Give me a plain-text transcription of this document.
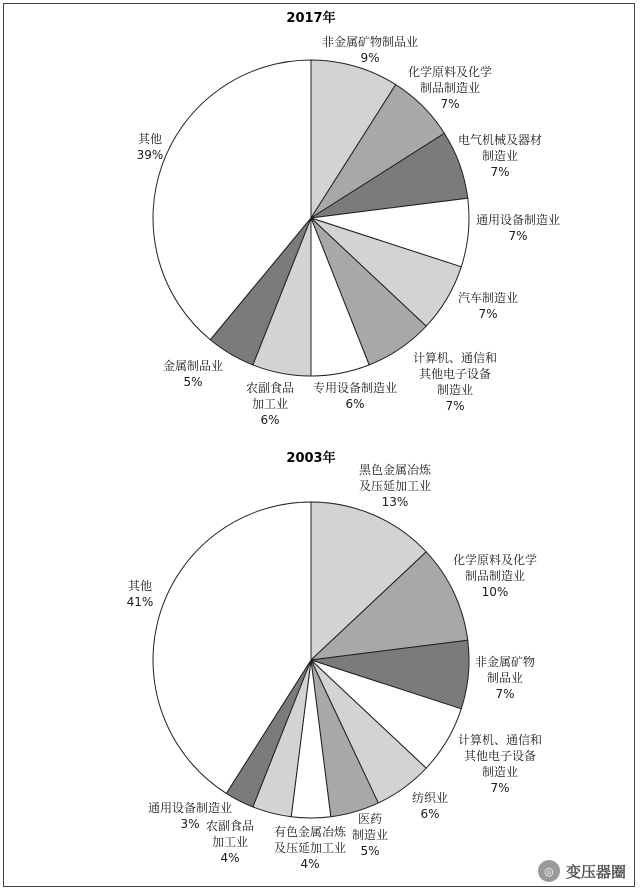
2017年
非金属矿物制品业 9%
化学原料及化学制品制造业 7%
电气机械及器材制造业 7%
通用设备制造业 7%
汽车制造业 7%
计算机、通信和其他电子设备制造业 7%
专用设备制造业 6%
农副食品加工业 6%
金属制品业 5%
其他 39%
2003年
黑色金属冶炼及压延加工业 13%
化学原料及化学制品制造业 10%
非金属矿物制品业 7%
计算机、通信和其他电子设备制造业 7%
纺织业 6%
医药制造业 5%
有色金属冶炼及压延加工业 4%
农副食品加工业 4%
通用设备制造业 3%
其他 41%
◎ 变压器圈
